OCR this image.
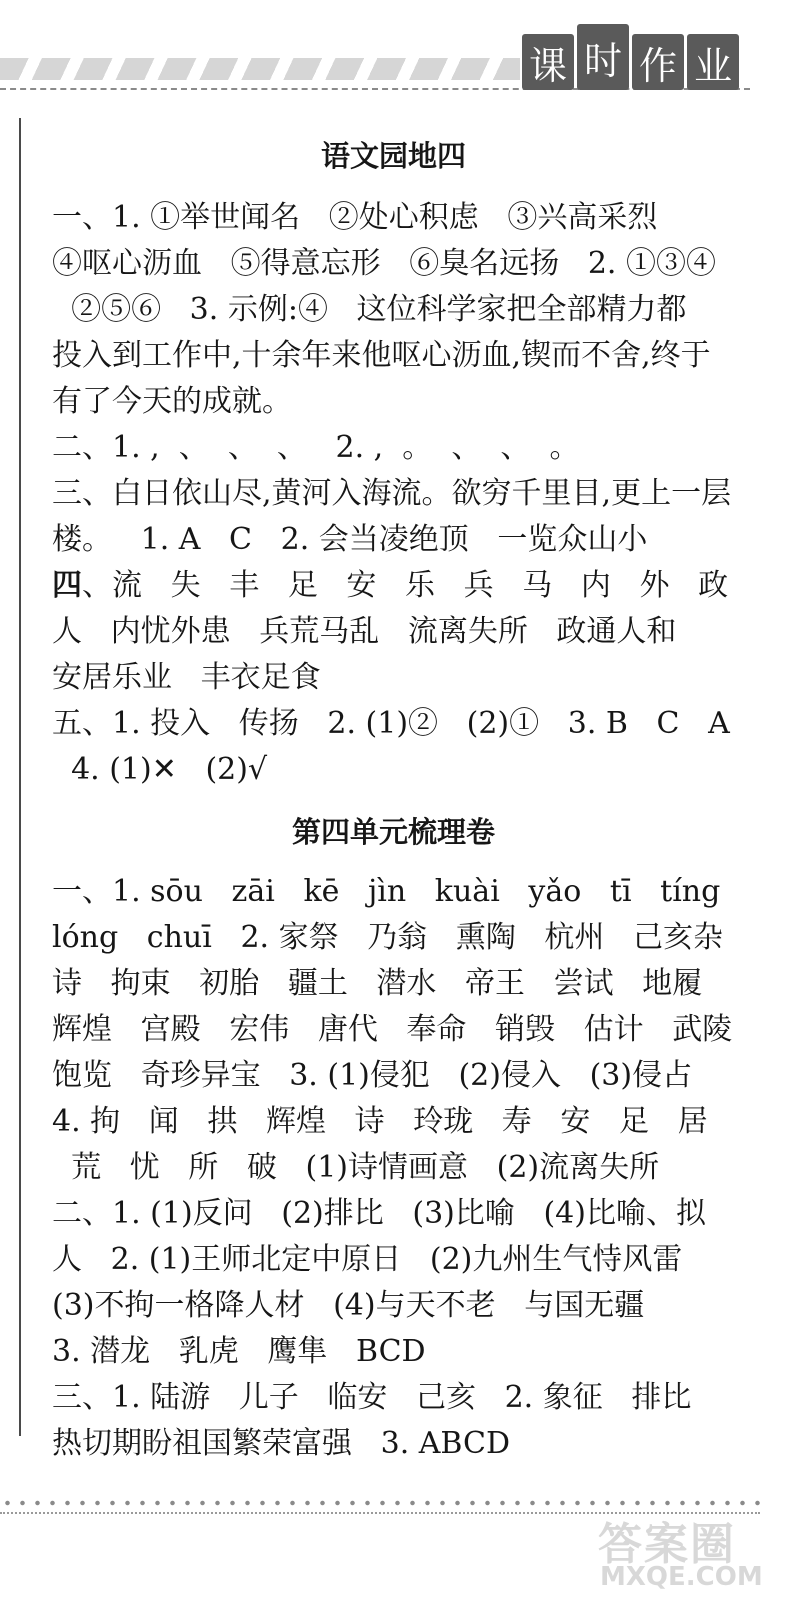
课 时 作 业
语文园地四
一、1. ①举世闻名   ②处心积虑   ③兴高采烈
④呕心沥血   ⑤得意忘形   ⑥臭名远扬   2. ①③④
②⑤⑥   3. 示例:④   这位科学家把全部精力都
投入到工作中,十余年来他呕心沥血,锲而不舍,终于
有了今天的成就。
二、1. ,  、  、  、   2. ,  。  、  、  。
三、白日依山尽,黄河入海流。欲穷千里目,更上一层
楼。   1. A   C   2. 会当凌绝顶   一览众山小
四、流   失   丰   足   安   乐   兵   马   内   外   政
人   内忧外患   兵荒马乱   流离失所   政通人和
安居乐业   丰衣足食
五、1. 投入   传扬   2. (1)②   (2)①   3. B   C   A
4. (1)✕   (2)√
第四单元梳理卷
一、1. sōu   zāi   kē   jìn   kuài   yǎo   tī   tíng
lóng   chuī   2. 家祭   乃翁   熏陶   杭州   己亥杂
诗   拘束   初胎   疆土   潜水   帝王   尝试   地履
辉煌   宫殿   宏伟   唐代   奉命   销毁   估计   武陵
饱览   奇珍异宝   3. (1)侵犯   (2)侵入   (3)侵占
4. 拘   闻   拱   辉煌   诗   玲珑   寿   安   足   居
荒   忧   所   破   (1)诗情画意   (2)流离失所
二、1. (1)反问   (2)排比   (3)比喻   (4)比喻、拟
人   2. (1)王师北定中原日   (2)九州生气恃风雷
(3)不拘一格降人材   (4)与天不老   与国无疆
3. 潜龙   乳虎   鹰隼   BCD
三、1. 陆游   儿子   临安   己亥   2. 象征   排比
热切期盼祖国繁荣富强   3. ABCD
答案圈
MXQE.COM
